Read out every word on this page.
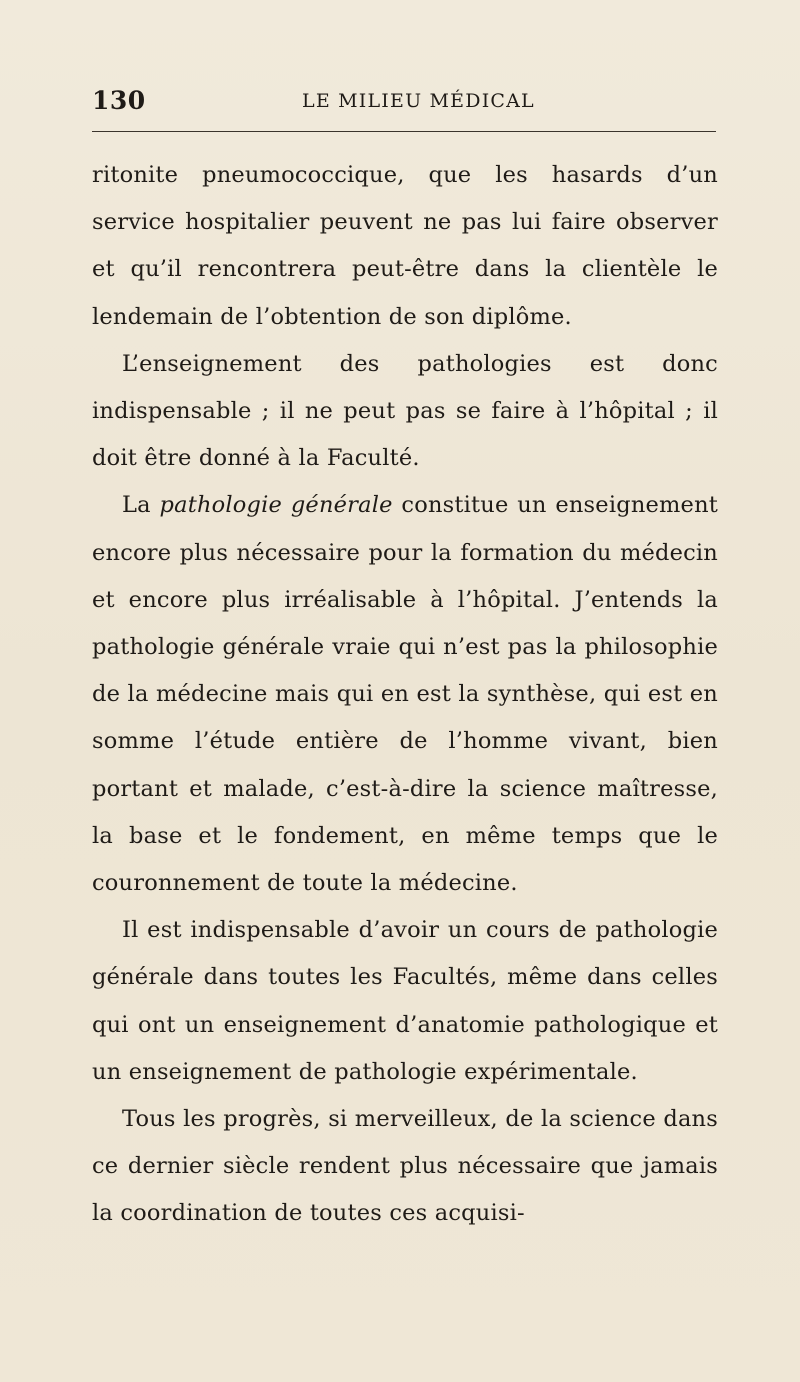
130	LE MILIEU MÉDICAL

ritonite pneumococcique, que les hasards d’un service hospitalier peuvent ne pas lui faire observer et qu’il rencontrera peut-être dans la clientèle le lendemain de l’obtention de son diplôme.

L’enseignement des pathologies est donc indispensable ; il ne peut pas se faire à l’hôpital ; il doit être donné à la Faculté.

La pathologie générale constitue un enseignement encore plus nécessaire pour la formation du médecin et encore plus irréalisable à l’hôpital. J’entends la pathologie générale vraie qui n’est pas la philosophie de la médecine mais qui en est la synthèse, qui est en somme l’étude entière de l’homme vivant, bien portant et malade, c’est-à-dire la science maîtresse, la base et le fondement, en même temps que le couronnement de toute la médecine.

Il est indispensable d’avoir un cours de pathologie générale dans toutes les Facultés, même dans celles qui ont un enseignement d’anatomie pathologique et un enseignement de pathologie expérimentale.

Tous les progrès, si merveilleux, de la science dans ce dernier siècle rendent plus nécessaire que jamais la coordination de toutes ces acquisi-
